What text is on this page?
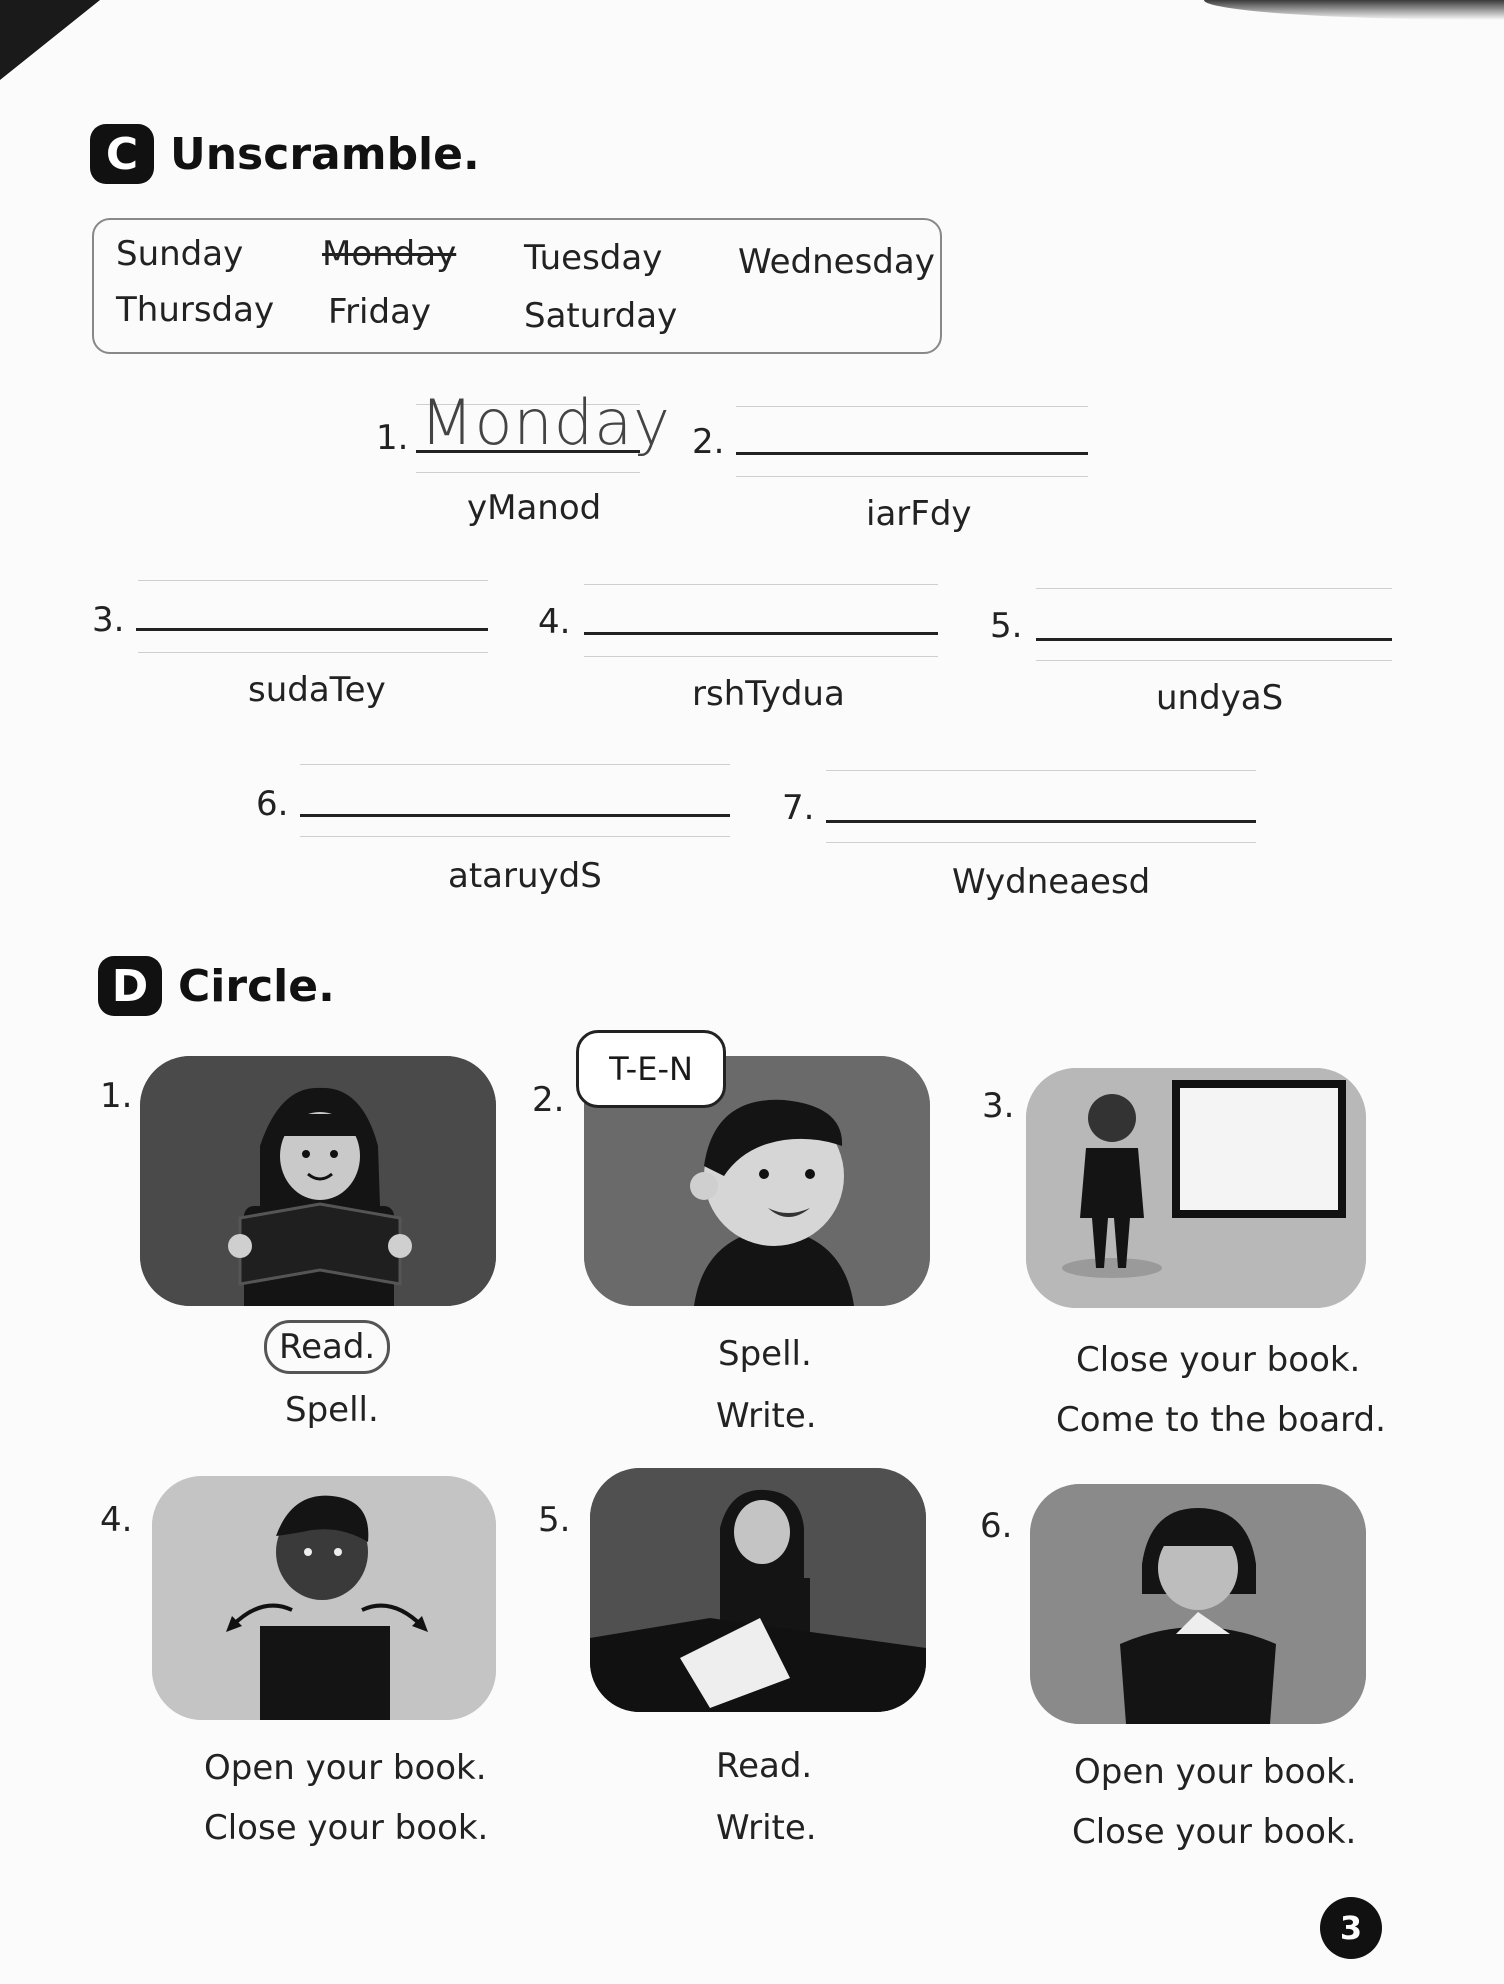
C Unscramble.
Sunday Monday Tuesday Wednesday
Thursday Friday	Saturday
1. Monday
yManod
2.
iarFdy
3.
sudaTey
4.
rshTydua
5.
undyaS
6.
ataruydS
7.
Wydneaesd
D Circle.
1.
Read.
Spell.
2.
T-E-N
Spell.
Write.
3.
Close your book.
Come to the board.
4.
Open your book.
Close your book.
5.
Read.
Write.
6.
Open your book.
Close your book.
3
